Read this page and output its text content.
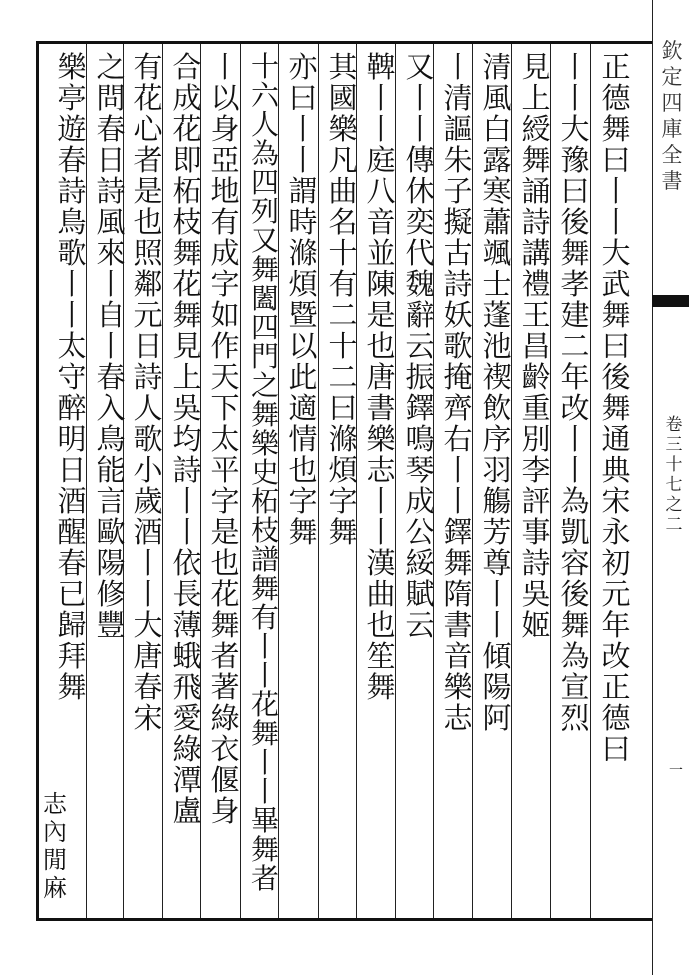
欽定四庫全書
卷三十七之二
一
正
德
舞
曰
丨
丨
大
武
舞
曰
後
舞
通
典
宋
永
初
元
年
改
正
德
曰
丨
丨
大
豫
曰
後
舞
孝
建
二
年
改
丨
丨
為
凱
容
後
舞
為
宣
烈
見
上
綬
舞
誦
詩
講
禮
王
昌
齡
重
別
李
評
事
詩
吳
姬
清
風
白
露
寒
蕭
颯
士
蓬
池
禊
飲
序
羽
觴
芳
尊
丨
丨
傾
陽
阿
丨
清
謳
朱
子
擬
古
詩
妖
歌
掩
齊
右
丨
丨
鐸
舞
隋
書
音
樂
志
又
丨
丨
傳
休
奕
代
魏
辭
云
振
鐸
鳴
琴
成
公
綏
賦
云
鞞
丨
丨
庭
八
音
並
陳
是
也
唐
書
樂
志
丨
丨
漢
曲
也
笙
舞
其
國
樂
凡
曲
名
十
有
二
十
二
曰
滌
煩
字
舞
亦
曰
丨
丨
謂
時
滌
煩
暨
以
此
適
情
也
字
舞
十
六
人
為
四
列
又
舞
闔
四
門
之
舞
樂
史
柘
枝
譜
舞
有
丨
丨
花
舞
丨
丨
畢
舞
者
丨
以
身
亞
地
有
成
字
如
作
天
下
太
平
字
是
也
花
舞
者
著
綠
衣
偃
身
合
成
花
即
柘
枝
舞
花
舞
見
上
吳
均
詩
丨
丨
依
長
薄
蛾
飛
愛
綠
潭
盧
有
花
心
者
是
也
照
鄰
元
日
詩
人
歌
小
歲
酒
丨
丨
大
唐
春
宋
之
問
春
日
詩
風
來
丨
自
丨
春
入
鳥
能
言
歐
陽
修
豐
樂
亭
遊
春
詩
鳥
歌
丨
丨
太
守
醉
明
日
酒
醒
春
已
歸
拜
舞
志
內
閒
麻
